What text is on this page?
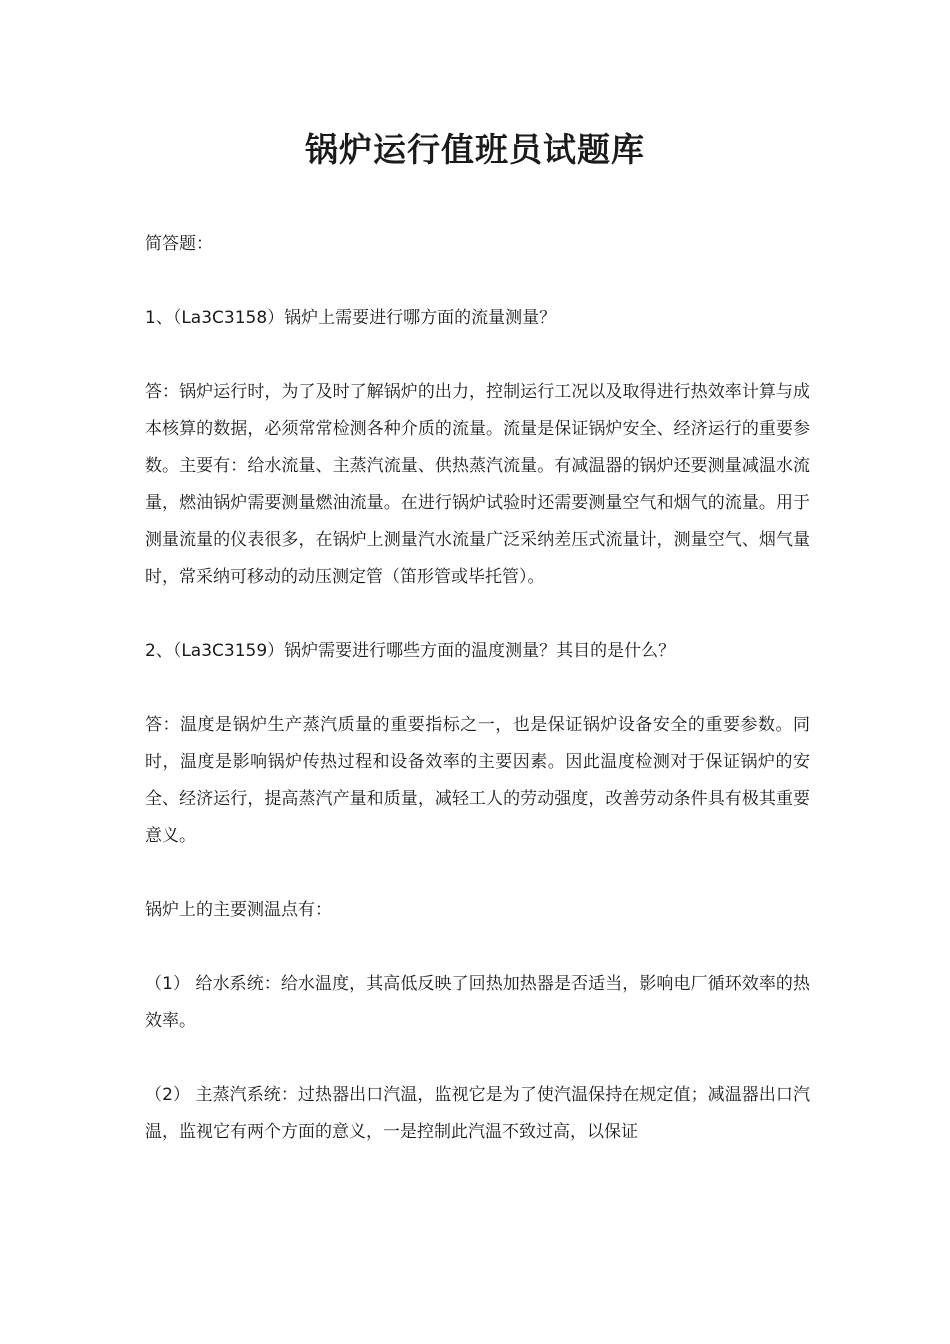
锅炉运行值班员试题库

简答题：

1、（La3C3158）锅炉上需要进行哪方面的流量测量？

答：锅炉运行时，为了及时了解锅炉的出力，控制运行工况以及取得进行热效率计算与成本核算的数据，必须常常检测各种介质的流量。流量是保证锅炉安全、经济运行的重要参数。主要有：给水流量、主蒸汽流量、供热蒸汽流量。有减温器的锅炉还要测量减温水流量，燃油锅炉需要测量燃油流量。在进行锅炉试验时还需要测量空气和烟气的流量。用于测量流量的仪表很多，在锅炉上测量汽水流量广泛采纳差压式流量计，测量空气、烟气量时，常采纳可移动的动压测定管（笛形管或毕托管）。

2、（La3C3159）锅炉需要进行哪些方面的温度测量？其目的是什么？

答：温度是锅炉生产蒸汽质量的重要指标之一，也是保证锅炉设备安全的重要参数。同时，温度是影响锅炉传热过程和设备效率的主要因素。因此温度检测对于保证锅炉的安全、经济运行，提高蒸汽产量和质量，减轻工人的劳动强度，改善劳动条件具有极其重要意义。

锅炉上的主要测温点有：

（1） 给水系统：给水温度，其高低反映了回热加热器是否适当，影响电厂循环效率的热效率。

（2） 主蒸汽系统：过热器出口汽温，监视它是为了使汽温保持在规定值；减温器出口汽温，监视它有两个方面的意义，一是控制此汽温不致过高，以保证
